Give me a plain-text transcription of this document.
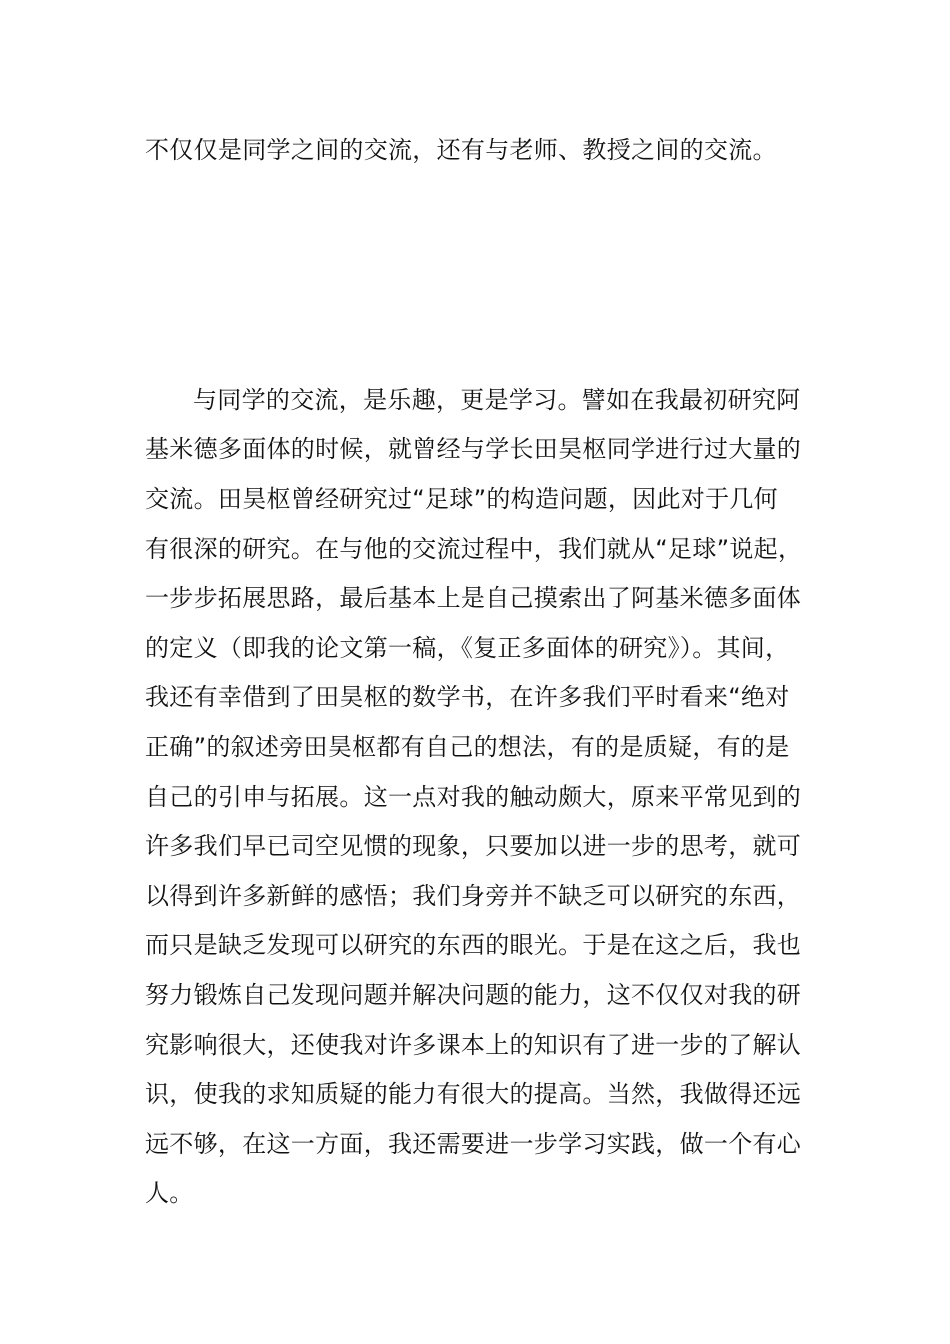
不仅仅是同学之间的交流，还有与老师、教授之间的交流。
与同学的交流，是乐趣，更是学习。譬如在我最初研究阿
基米德多面体的时候，就曾经与学长田昊枢同学进行过大量的
交流。田昊枢曾经研究过“足球”的构造问题，因此对于几何
有很深的研究。在与他的交流过程中，我们就从“足球”说起，
一步步拓展思路，最后基本上是自己摸索出了阿基米德多面体
的定义（即我的论文第一稿，《复正多面体的研究》）。其间，
我还有幸借到了田昊枢的数学书，在许多我们平时看来“绝对
正确”的叙述旁田昊枢都有自己的想法，有的是质疑，有的是
自己的引申与拓展。这一点对我的触动颇大，原来平常见到的
许多我们早已司空见惯的现象，只要加以进一步的思考，就可
以得到许多新鲜的感悟；我们身旁并不缺乏可以研究的东西，
而只是缺乏发现可以研究的东西的眼光。于是在这之后，我也
努力锻炼自己发现问题并解决问题的能力，这不仅仅对我的研
究影响很大，还使我对许多课本上的知识有了进一步的了解认
识，使我的求知质疑的能力有很大的提高。当然，我做得还远
远不够，在这一方面，我还需要进一步学习实践，做一个有心
人。
